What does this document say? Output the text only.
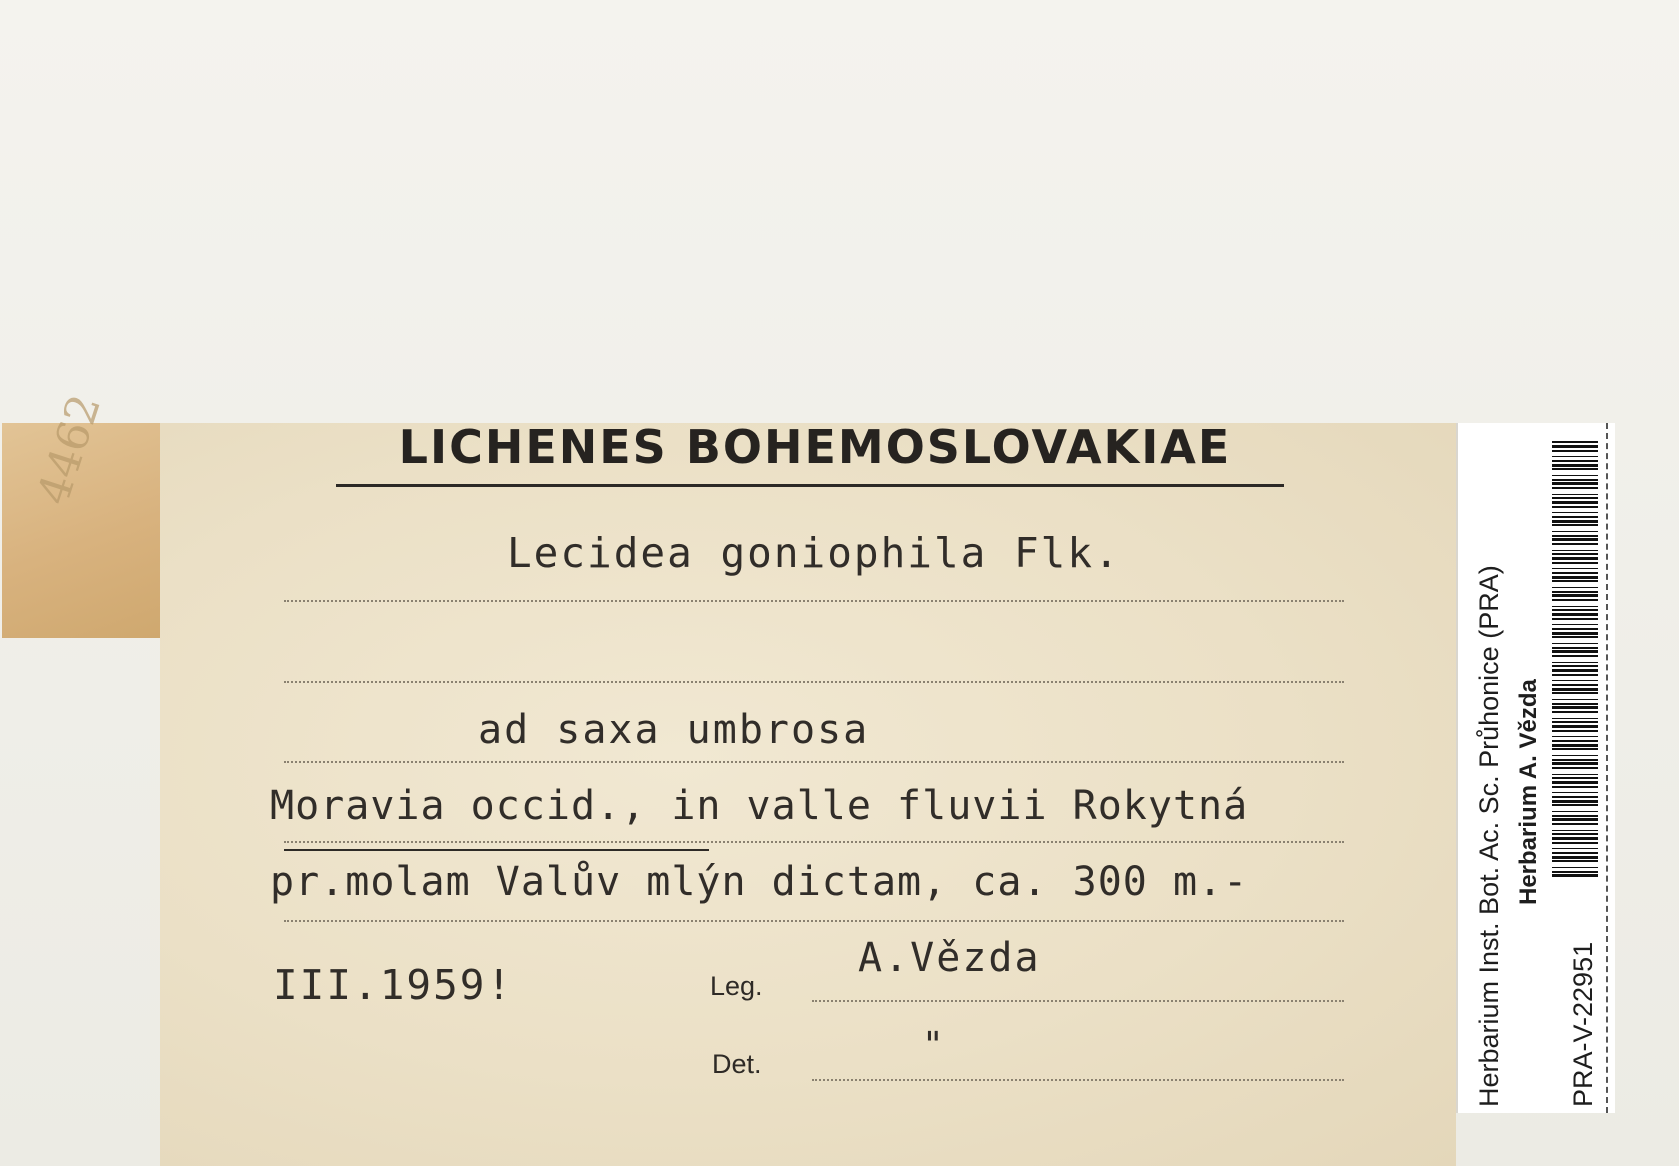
4462	LICHENES BOHEMOSLOVAKIAE
Lecidea goniophila Flk.
ad saxa umbrosa
Moravia occid., in valle fluvii Rokytná
pr.molam Valův mlýn dictam, ca. 300 m.-
III.1959!	Leg.
A.Vězda
Det.	"	Herbarium Inst. Bot. Ac. Sc. Průhonice (PRA) Herbarium A. Vězda
PRA-V-22951
